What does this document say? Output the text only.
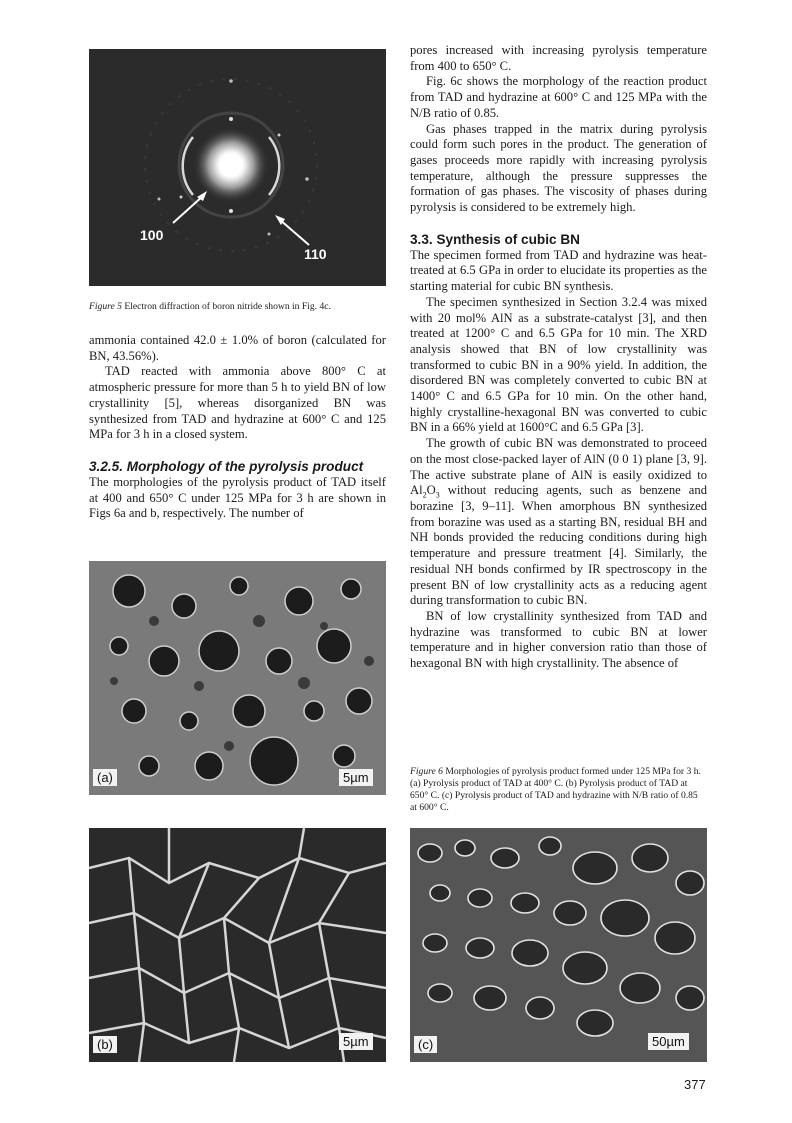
100
110

Figure 5 Electron diffraction of boron nitride shown in Fig. 4c.

ammonia contained 42.0 ± 1.0% of boron (calculated for BN, 43.56%).

TAD reacted with ammonia above 800° C at atmospheric pressure for more than 5 h to yield BN of low crystallinity [5], whereas disorganized BN was synthesized from TAD and hydrazine at 600° C and 125 MPa for 3 h in a closed system.

3.2.5. Morphology of the pyrolysis product

The morphologies of the pyrolysis product of TAD itself at 400 and 650° C under 125 MPa for 3 h are shown in Figs 6a and b, respectively. The number of

pores increased with increasing pyrolysis temperature from 400 to 650° C.

Fig. 6c shows the morphology of the reaction product from TAD and hydrazine at 600° C and 125 MPa with the N/B ratio of 0.85.

Gas phases trapped in the matrix during pyrolysis could form such pores in the product. The generation of gases proceeds more rapidly with increasing pyrolysis temperature, although the pressure suppresses the formation of gas phases. The viscosity of phases during pyrolysis is considered to be extremely high.

3.3. Synthesis of cubic BN

The specimen formed from TAD and hydrazine was heat-treated at 6.5 GPa in order to elucidate its properties as the starting material for cubic BN synthesis.

The specimen synthesized in Section 3.2.4 was mixed with 20 mol% AlN as a substrate-catalyst [3], and then treated at 1200° C and 6.5 GPa for 10 min. The XRD analysis showed that BN of low crystallinity was transformed to cubic BN in a 90% yield. In addition, the disordered BN was completely converted to cubic BN at 1400° C and 6.5 GPa for 10 min. On the other hand, highly crystalline-hexagonal BN was converted to cubic BN in a 66% yield at 1600°C and 6.5 GPa [3].

The growth of cubic BN was demonstrated to proceed on the most close-packed layer of AlN (0 0 1) plane [3, 9]. The active substrate plane of AlN is easily oxidized to $Al_2O_3$ without reducing agents, such as benzene and borazine [3, 9–11]. When amorphous BN synthesized from borazine was used as a starting BN, residual BH and NH bonds provided the reducing conditions during high temperature and pressure treatment [4]. Similarly, the residual NH bonds confirmed by IR spectroscopy in the present BN of low crystallinity acts as a reducing agent during transformation to cubic BN.

BN of low crystallinity synthesized from TAD and hydrazine was transformed to cubic BN at lower temperature and in higher conversion ratio than those of hexagonal BN with high crystallinity. The absence of

(a)	5µm	Figure 6 Morphologies of pyrolysis product formed under 125 MPa for 3 h. (a) Pyrolysis product of TAD at 400° C. (b) Pyrolysis product of TAD at 650° C. (c) Pyrolysis product of TAD and hydrazine with N/B ratio of 0.85 at 600° C.

(b)	5µm	(c)	50µm
377
